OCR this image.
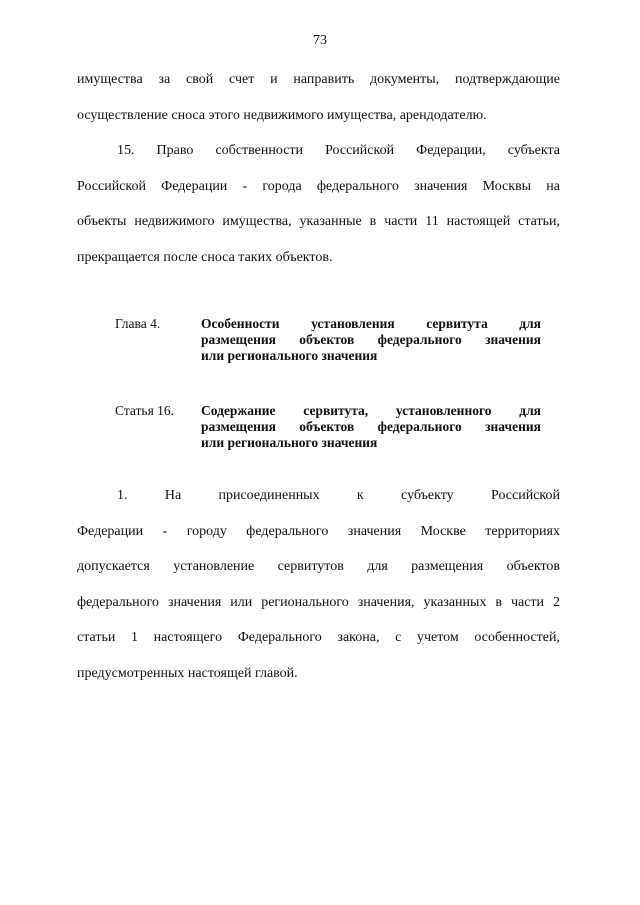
73
имущества за свой счет и направить документы, подтверждающие
осуществление сноса этого недвижимого имущества, арендодателю.
15. Право собственности Российской Федерации, субъекта
Российской Федерации - города федерального значения Москвы на
объекты недвижимого имущества, указанные в части 11 настоящей статьи,
прекращается после сноса таких объектов.
Глава 4.	Особенности установления сервитута для
размещения объектов федерального значения
или регионального значения
Статья 16. Содержание сервитута, установленного для
размещения объектов федерального значения
или регионального значения
1. На присоединенных к субъекту Российской
Федерации - городу федерального значения Москве территориях
допускается установление сервитутов для размещения объектов
федерального значения или регионального значения, указанных в части 2
статьи 1 настоящего Федерального закона, с учетом особенностей,
предусмотренных настоящей главой.
